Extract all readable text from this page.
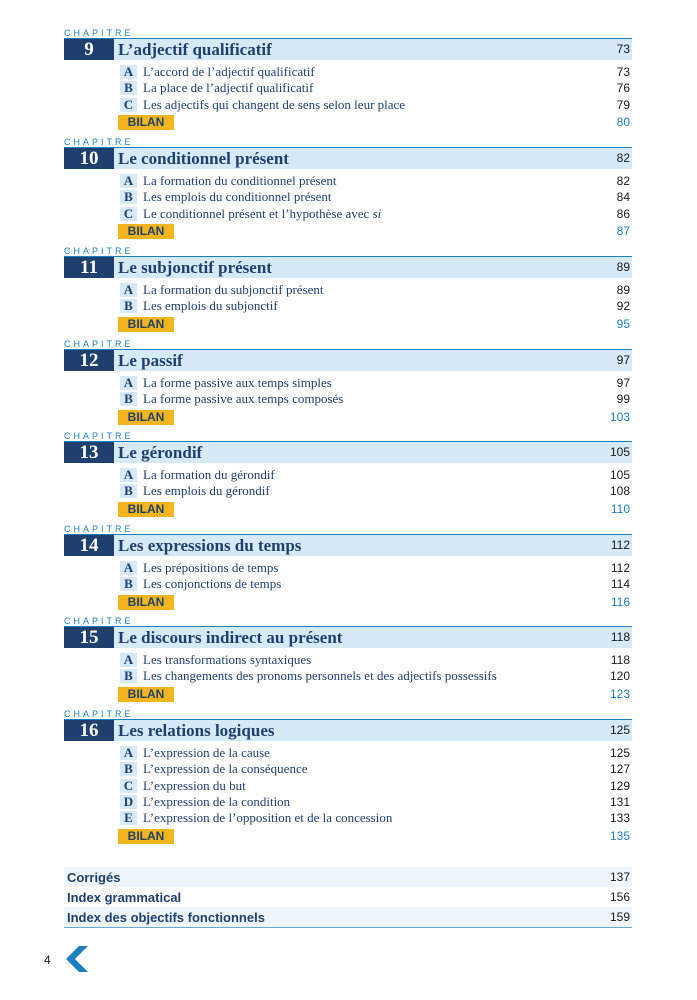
CHAPITRE
9	L’adjectif qualificatif	73
A L’accord de l’adjectif qualificatif	73
B La place de l’adjectif qualificatif	76
C Les adjectifs qui changent de sens selon leur place	79
BILAN	80
CHAPITRE
10	Le conditionnel présent	82
A La formation du conditionnel présent	82
B Les emplois du conditionnel présent	84
C Le conditionnel présent et l’hypothèse avec si	86
BILAN	87
CHAPITRE
11	Le subjonctif présent	89
A La formation du subjonctif présent	89
B Les emplois du subjonctif	92
BILAN	95
CHAPITRE
12	Le passif	97
A La forme passive aux temps simples	97
B La forme passive aux temps composés	99
BILAN	103
CHAPITRE
13	Le gérondif	105
A La formation du gérondif	105
B Les emplois du gérondif	108
BILAN	110
CHAPITRE
14	Les expressions du temps	112
A Les prépositions de temps	112
B Les conjonctions de temps	114
BILAN	116
CHAPITRE
15	Le discours indirect au présent	118
A Les transformations syntaxiques	118
B Les changements des pronoms personnels et des adjectifs possessifs	120
BILAN	123
CHAPITRE
16	Les relations logiques	125
A L’expression de la cause	125
B L’expression de la conséquence	127
C L’expression du but	129
D L’expression de la condition	131
E L’expression de l’opposition et de la concession	133
BILAN	135
Corrigés	137
Index grammatical	156
Index des objectifs fonctionnels	159
4
